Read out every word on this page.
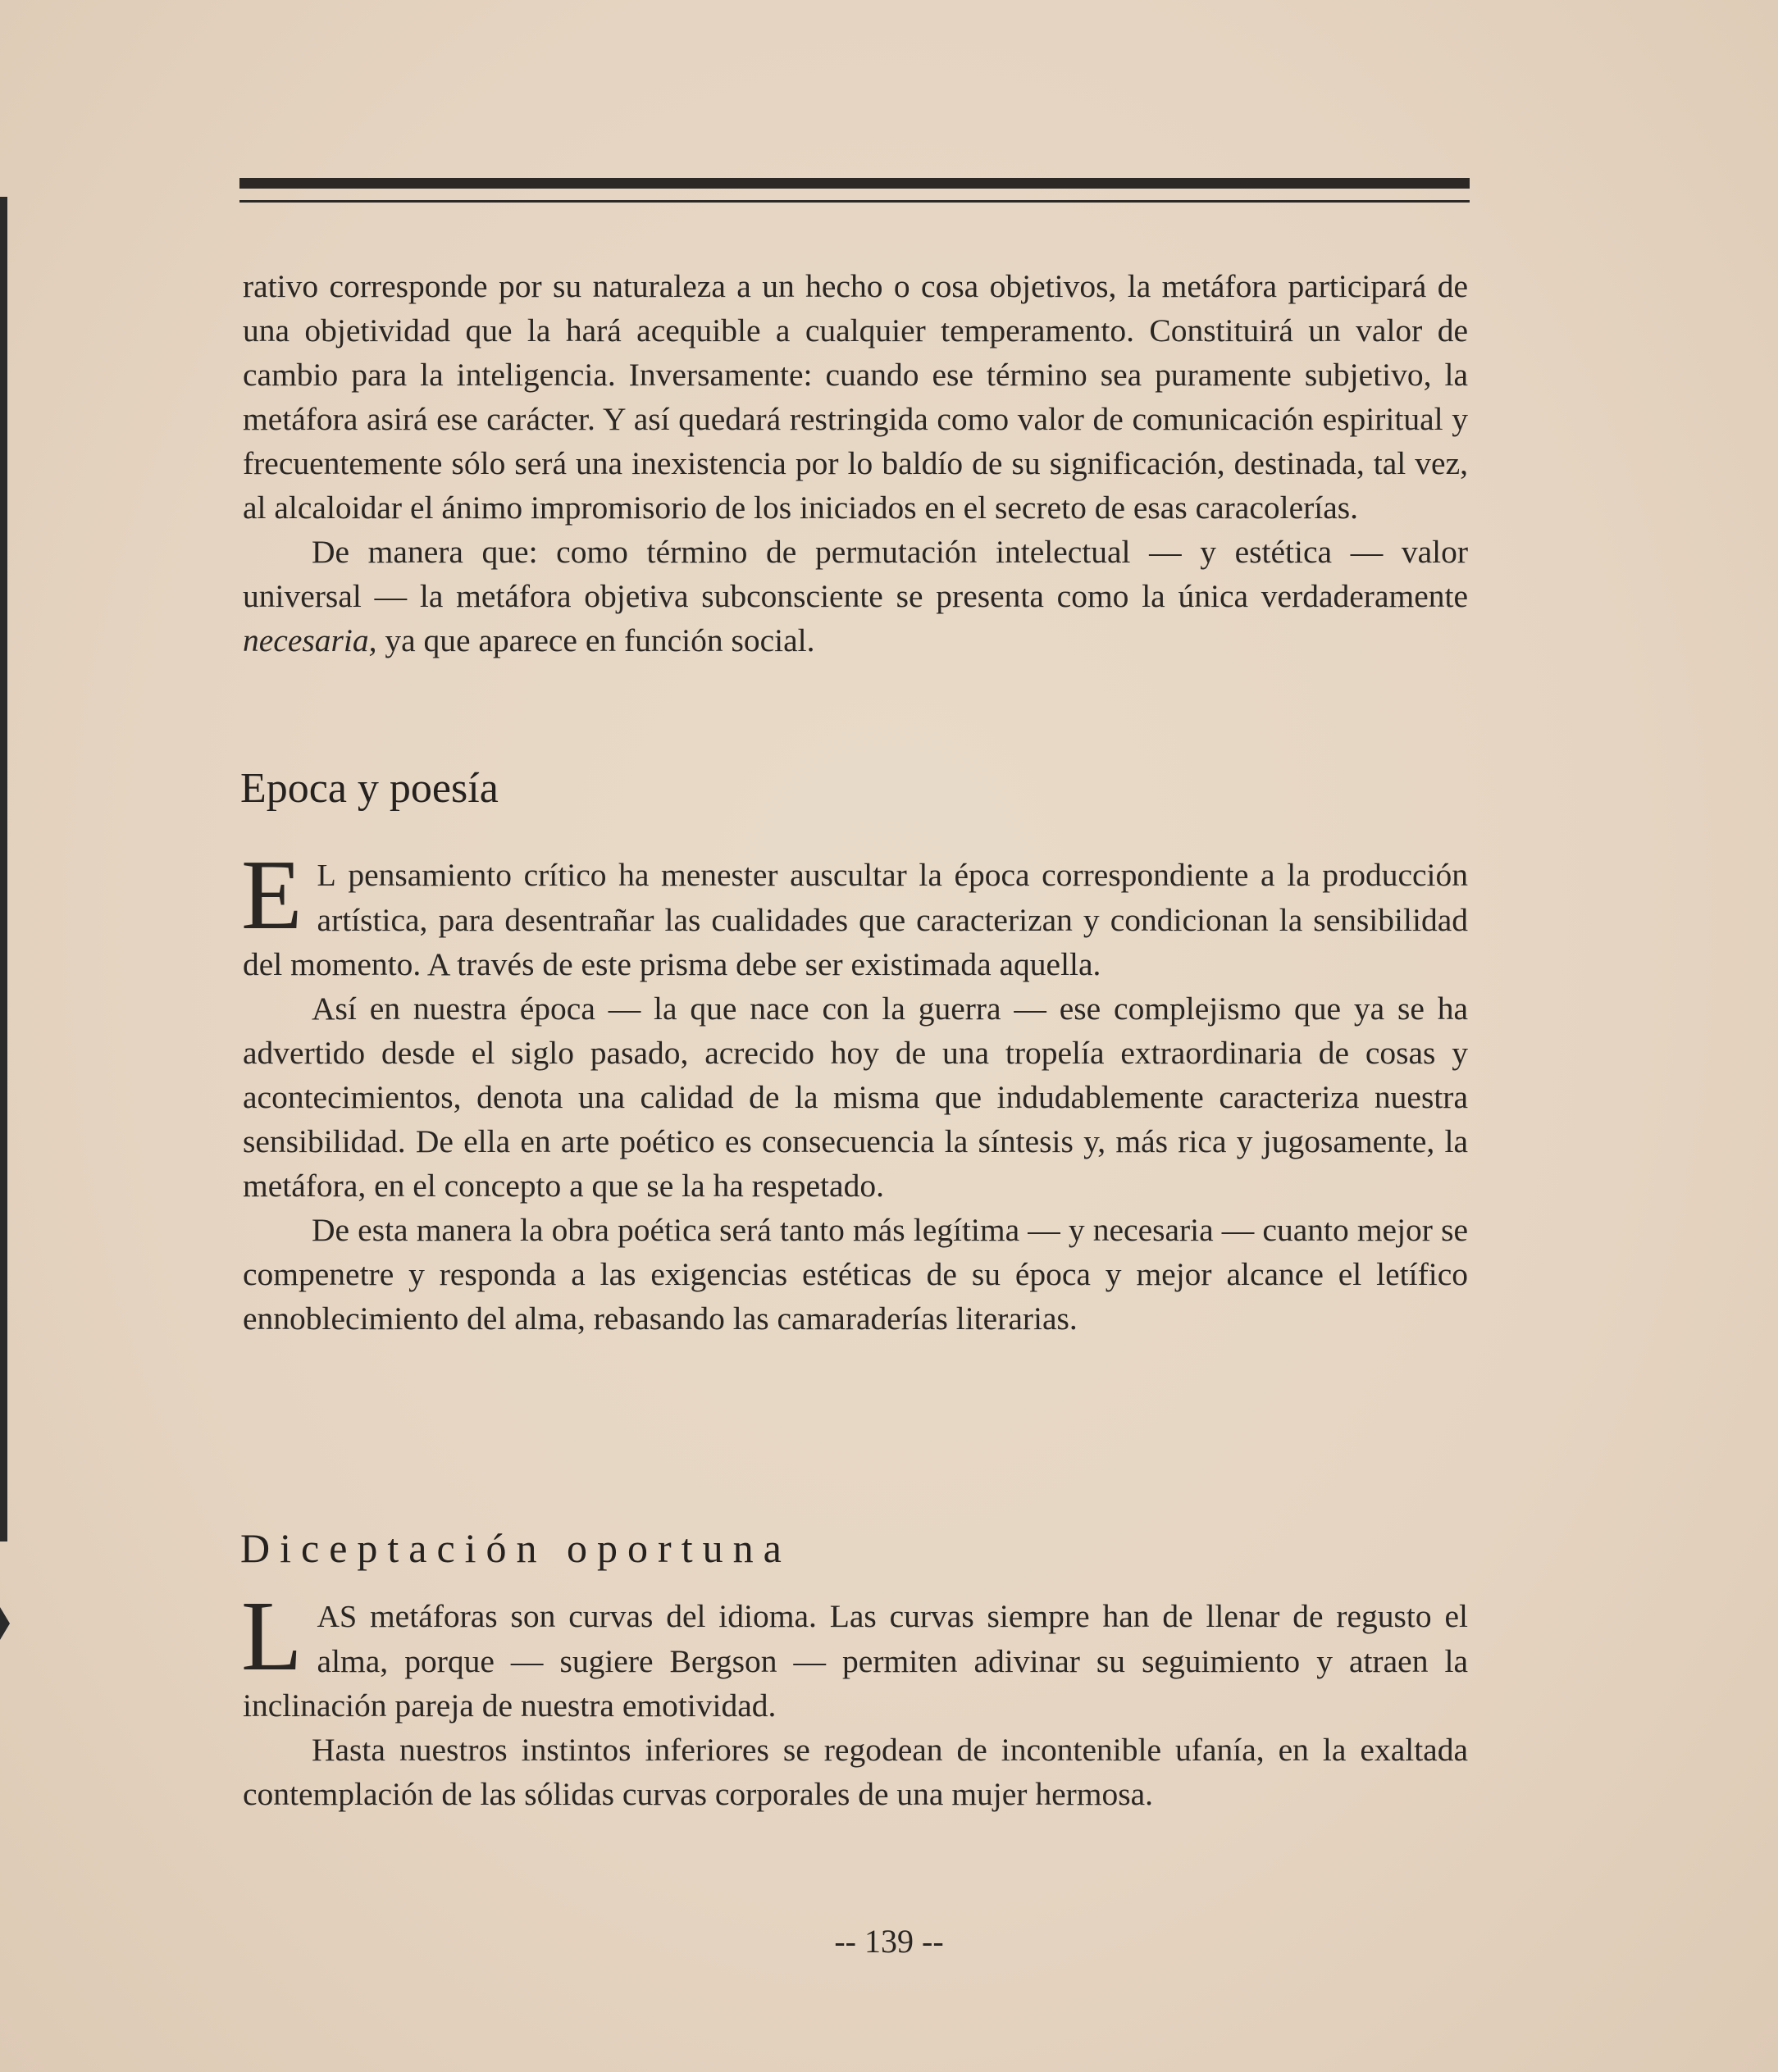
rativo corresponde por su naturaleza a un hecho o cosa objetivos, la metáfora participará de una objetividad que la hará acequible a cualquier temperamento. Constituirá un valor de cambio para la inteligencia. Inversamente: cuando ese término sea puramente subjetivo, la metáfora asirá ese carácter. Y así quedará restringida como valor de comunicación espiritual y frecuentemente sólo será una inexistencia por lo baldío de su significación, destinada, tal vez, al alcaloidar el ánimo impromisorio de los iniciados en el secreto de esas caracolerías.

De manera que: como término de permutación intelectual — y estética — valor universal — la metáfora objetiva subconsciente se presenta como la única verdaderamente necesaria, ya que aparece en función social.

Epoca y poesía

E L pensamiento crítico ha menester auscultar la época correspondiente a la producción artística, para desentrañar las cualidades que caracterizan y condicionan la sensibilidad del momento. A través de este prisma debe ser existimada aquella.

Así en nuestra época — la que nace con la guerra — ese complejismo que ya se ha advertido desde el siglo pasado, acrecido hoy de una tropelía extraordinaria de cosas y acontecimientos, denota una calidad de la misma que indudablemente caracteriza nuestra sensibilidad. De ella en arte poético es consecuencia la síntesis y, más rica y jugosamente, la metáfora, en el concepto a que se la ha respetado.

De esta manera la obra poética será tanto más legítima — y necesaria — cuanto mejor se compenetre y responda a las exigencias estéticas de su época y mejor alcance el letífico ennoblecimiento del alma, rebasando las camaraderías literarias.

Diceptación oportuna

LAS metáforas son curvas del idioma. Las curvas siempre han de llenar de regusto el alma, porque — sugiere Bergson — permiten adivinar su seguimiento y atraen la inclinación pareja de nuestra emotividad.

Hasta nuestros instintos inferiores se regodean de incontenible ufanía, en la exaltada contemplación de las sólidas curvas corporales de una mujer hermosa.

-- 139 --
